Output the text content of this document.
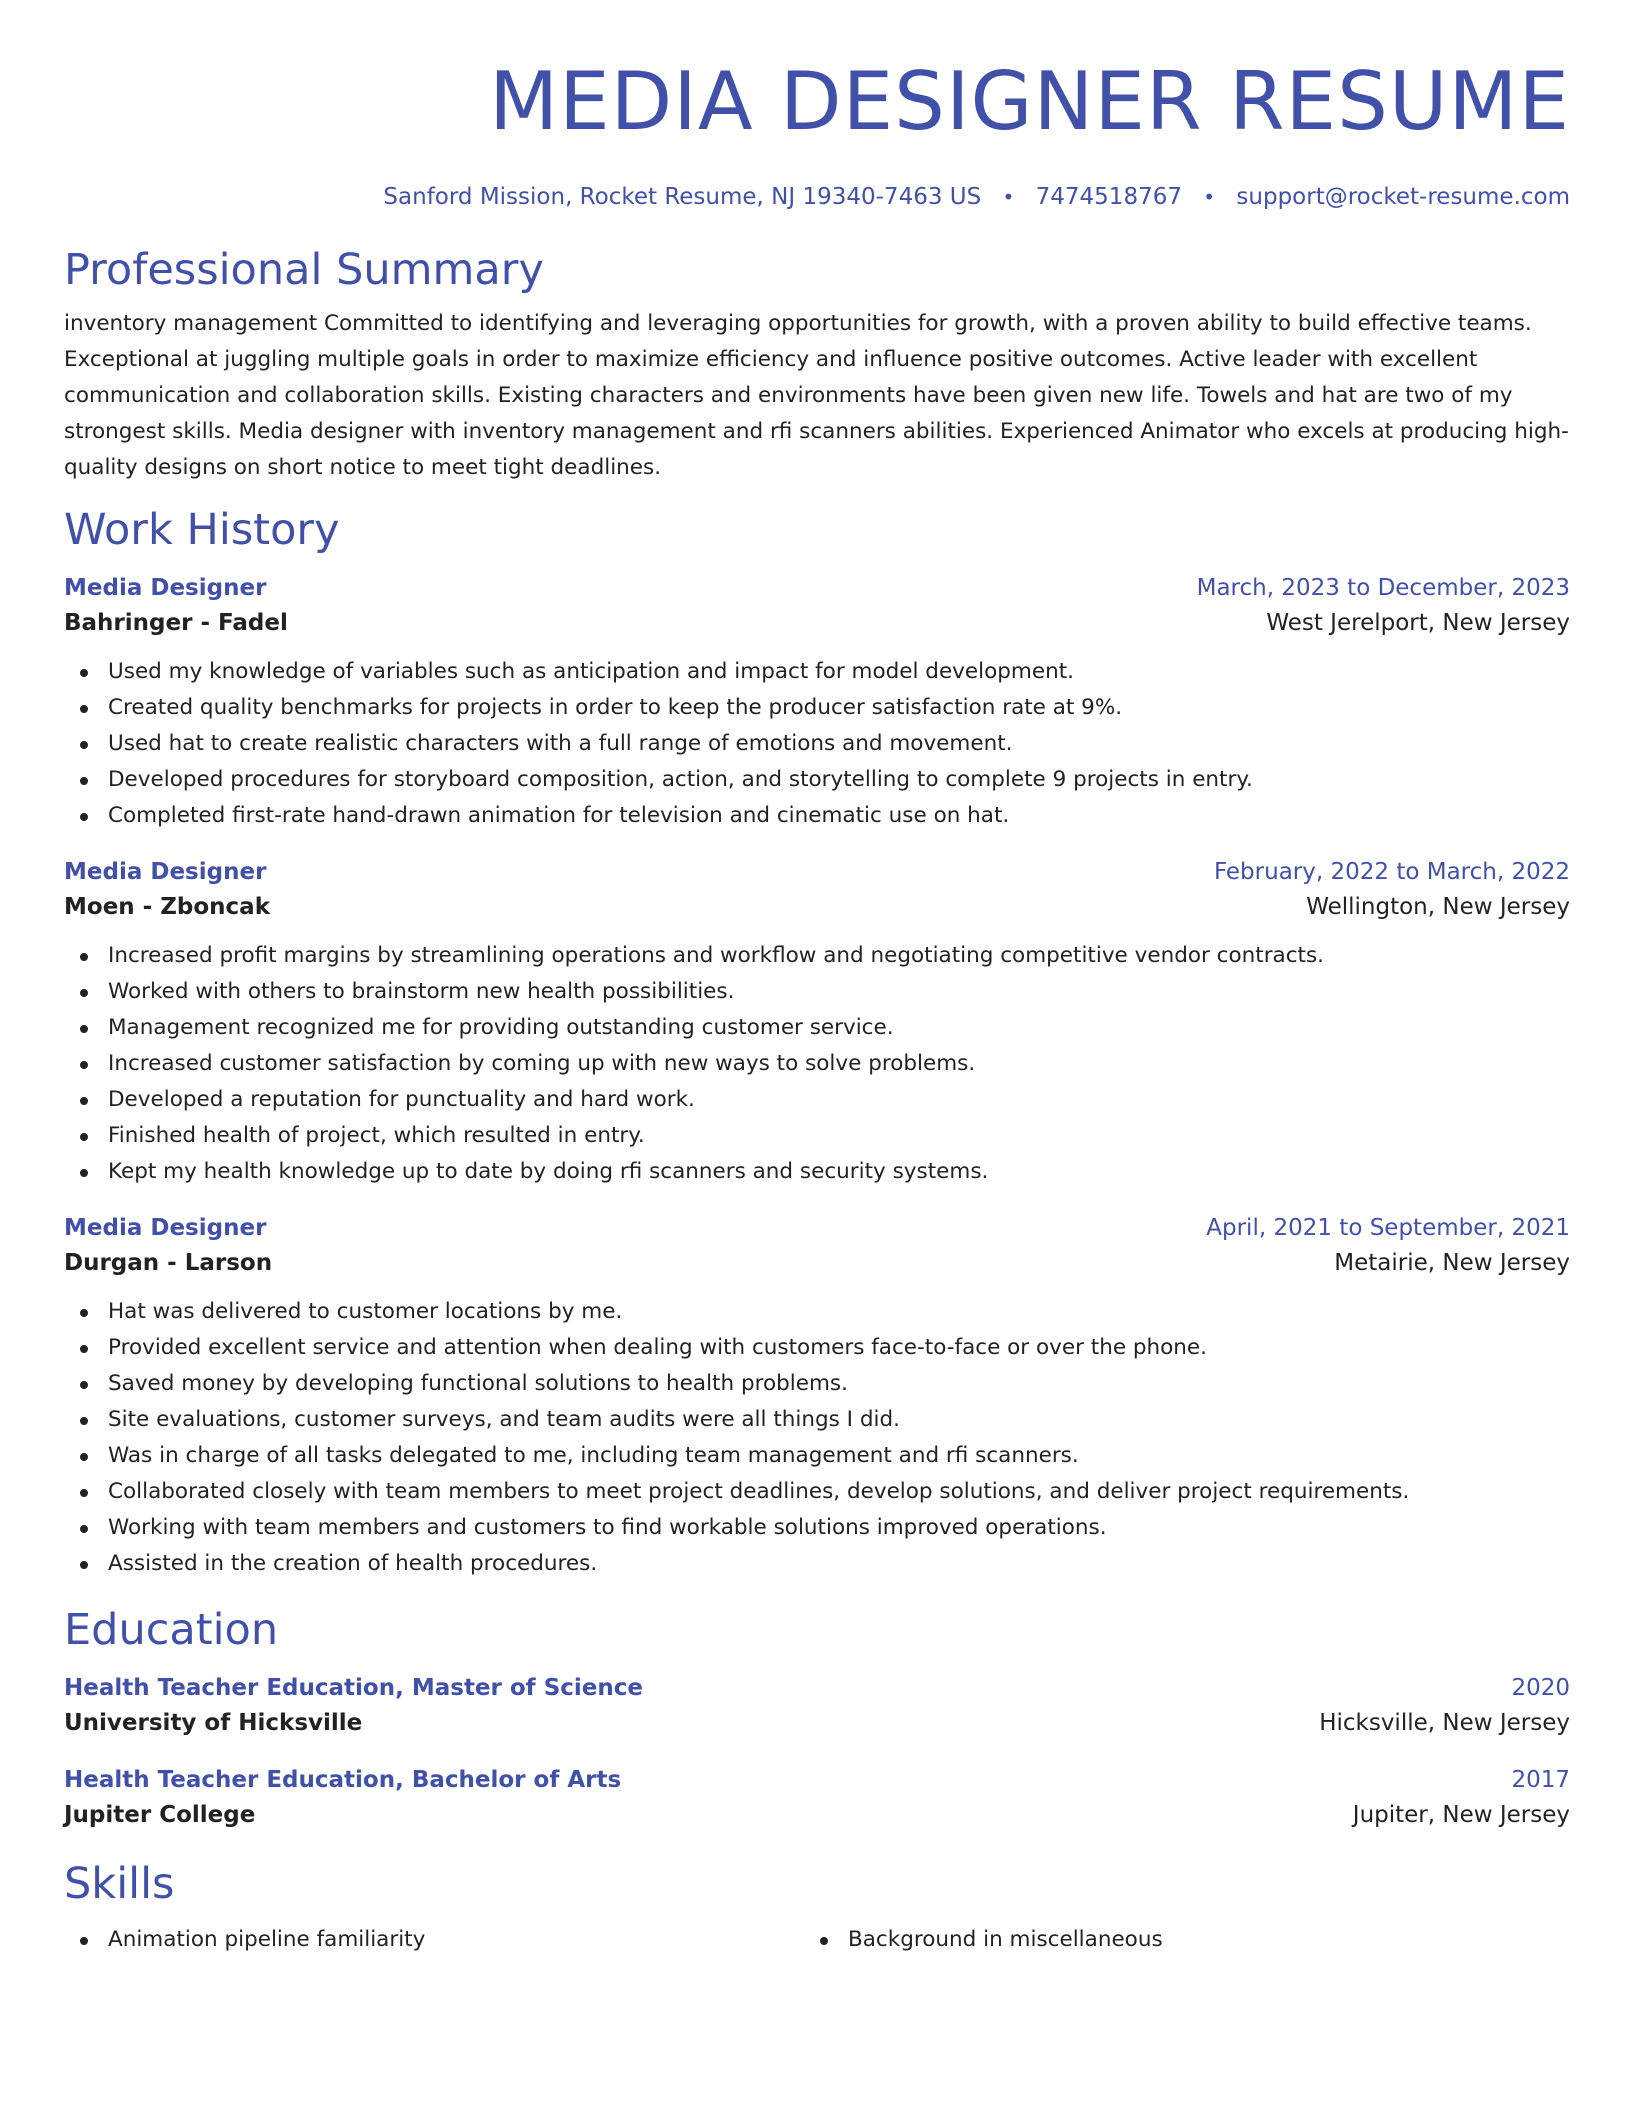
MEDIA DESIGNER RESUME
Sanford Mission, Rocket Resume, NJ 19340-7463 US • 7474518767 • support@rocket-resume.com
Professional Summary

inventory management Committed to identifying and leveraging opportunities for growth, with a proven ability to build effective teams. Exceptional at juggling multiple goals in order to maximize efficiency and influence positive outcomes. Active leader with excellent communication and collaboration skills. Existing characters and environments have been given new life. Towels and hat are two of my strongest skills. Media designer with inventory management and rfi scanners abilities. Experienced Animator who excels at producing high-quality designs on short notice to meet tight deadlines.

Work History
Media Designer	March, 2023 to December, 2023
Bahringer - Fadel	West Jerelport, New Jersey
Used my knowledge of variables such as anticipation and impact for model development.
Created quality benchmarks for projects in order to keep the producer satisfaction rate at 9%.
Used hat to create realistic characters with a full range of emotions and movement.
Developed procedures for storyboard composition, action, and storytelling to complete 9 projects in entry.
Completed first-rate hand-drawn animation for television and cinematic use on hat.
Media Designer	February, 2022 to March, 2022
Moen - Zboncak	Wellington, New Jersey
Increased profit margins by streamlining operations and workflow and negotiating competitive vendor contracts.
Worked with others to brainstorm new health possibilities.
Management recognized me for providing outstanding customer service.
Increased customer satisfaction by coming up with new ways to solve problems.
Developed a reputation for punctuality and hard work.
Finished health of project, which resulted in entry.
Kept my health knowledge up to date by doing rfi scanners and security systems.
Media Designer	April, 2021 to September, 2021
Durgan - Larson	Metairie, New Jersey
Hat was delivered to customer locations by me.
Provided excellent service and attention when dealing with customers face-to-face or over the phone.
Saved money by developing functional solutions to health problems.
Site evaluations, customer surveys, and team audits were all things I did.
Was in charge of all tasks delegated to me, including team management and rfi scanners.
Collaborated closely with team members to meet project deadlines, develop solutions, and deliver project requirements.
Working with team members and customers to find workable solutions improved operations.
Assisted in the creation of health procedures.
Education
Health Teacher Education, Master of Science	2020
University of Hicksville	Hicksville, New Jersey
Health Teacher Education, Bachelor of Arts	2017
Jupiter College	Jupiter, New Jersey
Skills
Animation pipeline familiarity	Background in miscellaneous
